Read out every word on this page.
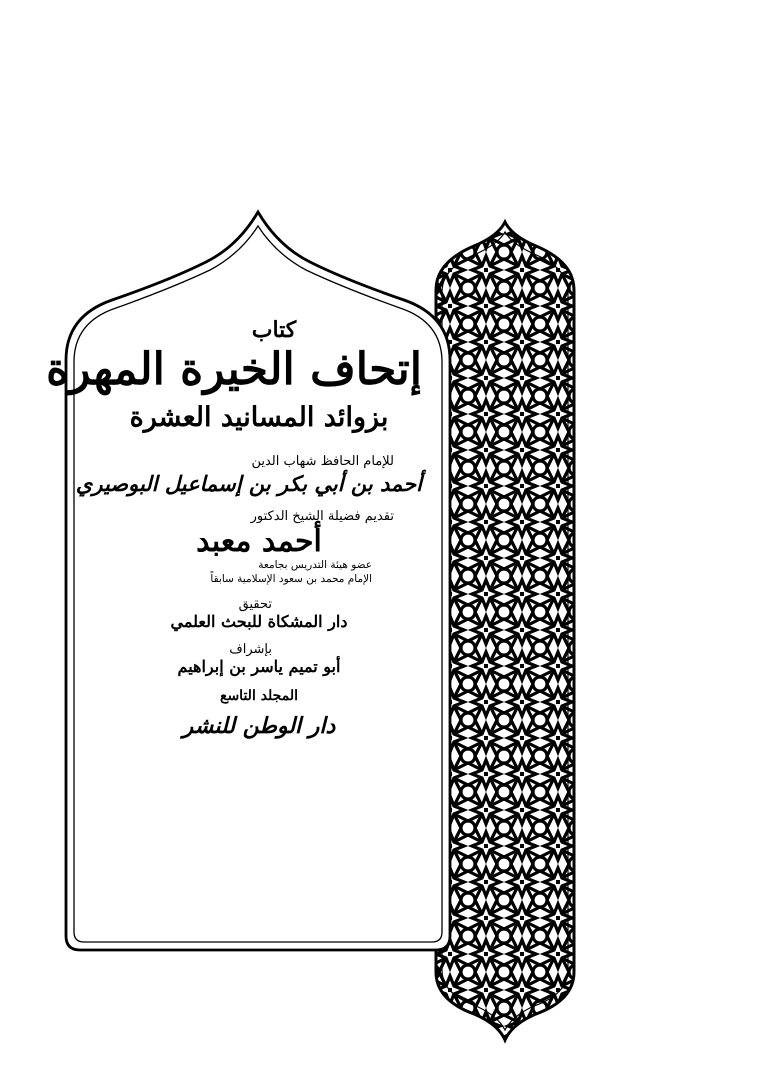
كتاب
إتحاف الخيرة المهرة
بزوائد المسانيد العشرة
للإمام الحافظ شهاب الدين
أحمد بن أبي بكر بن إسماعيل البوصيري
تقديم فضيلة الشيخ الدكتور
أحمد معبد
عضو هيئة التدريس بجامعة
الإمام محمد بن سعود الإسلامية سابقاً
تحقيق
دار المشكاة للبحث العلمي
بإشراف
أبو تميم ياسر بن إبراهيم
المجلد التاسع
دار الوطن للنشر
